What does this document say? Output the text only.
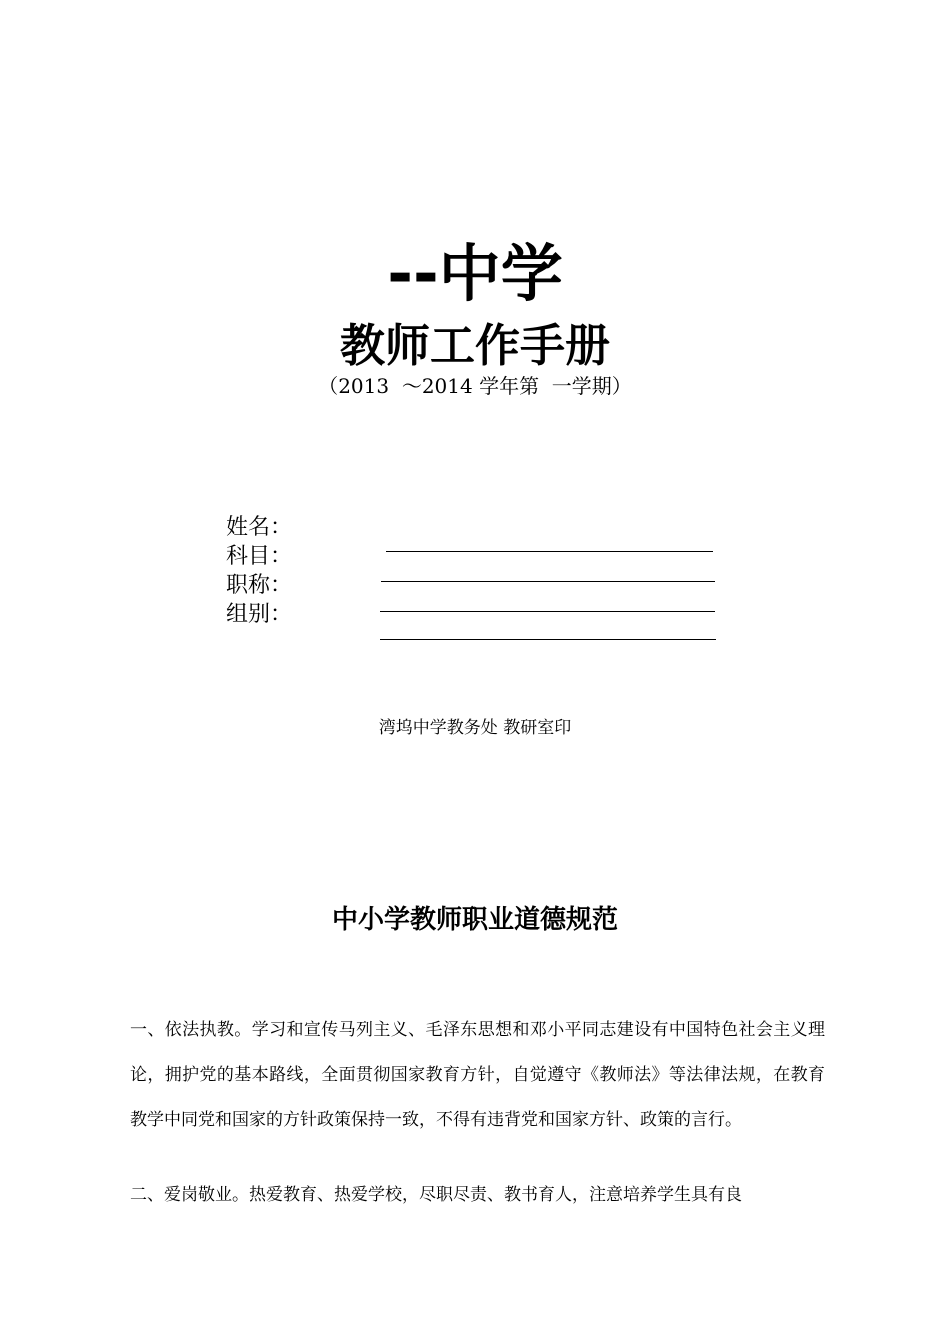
--中学
教师工作手册
（2013  ～2014 学年第  一学期）
姓名：
科目：
职称：
组别：
湾坞中学教务处 教研室印
中小学教师职业道德规范
一、依法执教。学习和宣传马列主义、毛泽东思想和邓小平同志建设有中国特色社会主义理      论，拥护党的基本路线，全面贯彻国家教育方针，自觉遵守《教师法》等法律法规，在教育教学中同党和国家的方针政策保持一致，不得有违背党和国家方针、政策的言行。
二、爱岗敬业。热爱教育、热爱学校，尽职尽责、教书育人，注意培养学生具有良
